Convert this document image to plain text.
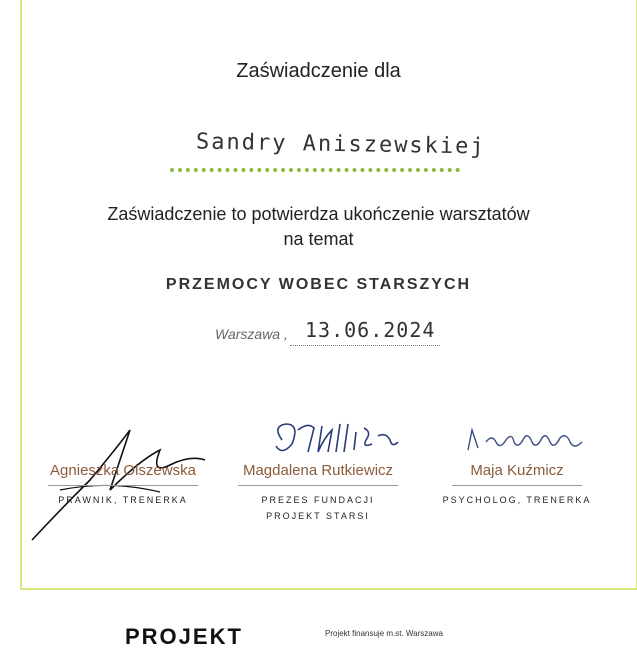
Zaświadczenie dla
Sandry Aniszewskiej
Zaświadczenie to potwierdza ukończenie warsztatów
na temat
PRZEMOCY WOBEC STARSZYCH
Warszawa , 13.06.2024
Agnieszka Olszewska
PRAWNIK, TRENERKA
Magdalena Rutkiewicz
PREZES FUNDACJI
PROJEKT STARSI
Maja Kuźmicz
PSYCHOLOG, TRENERKA
PROJEKT	Projekt finansuje m.st. Warszawa
